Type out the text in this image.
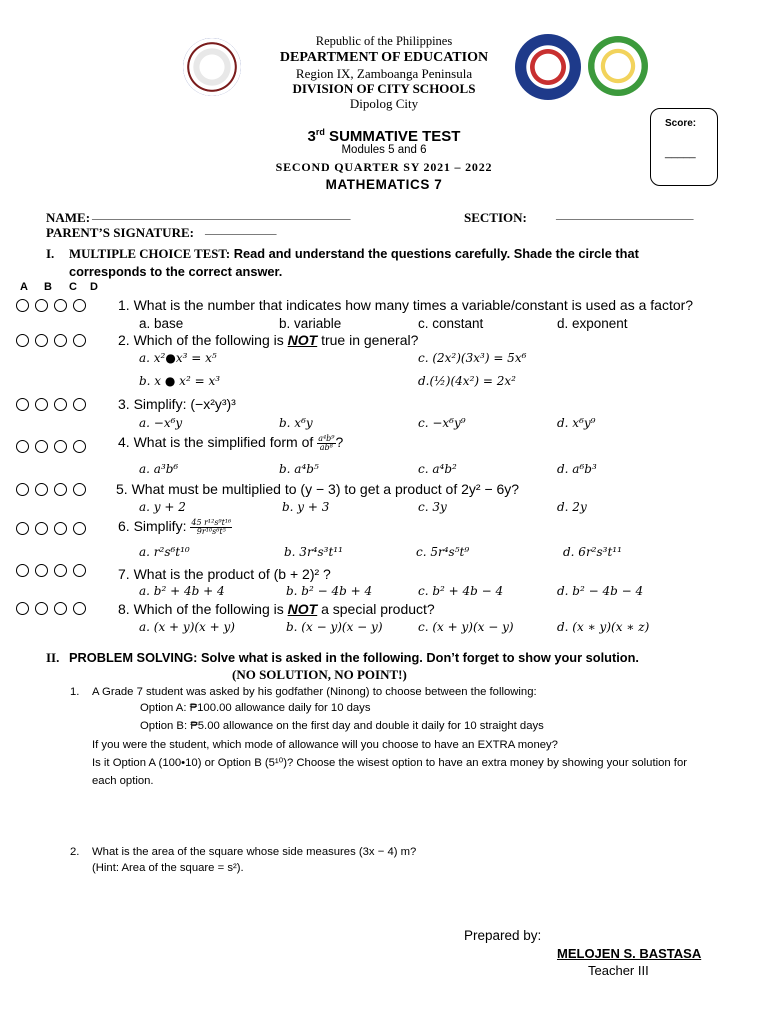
Republic of the Philippines
DEPARTMENT OF EDUCATION
Region IX, Zamboanga Peninsula
DIVISION OF CITY SCHOOLS
Dipolog City
3rd SUMMATIVE TEST
Modules 5 and 6
SECOND QUARTER SY 2021 – 2022
MATHEMATICS 7
Score:
_____
NAME: _______________________________________________	SECTION:	_________________________
PARENT’S SIGNATURE: _____________
I. MULTIPLE CHOICE TEST: Read and understand the questions carefully. Shade the circle that
corresponds to the correct answer.
A B C D
1. What is the number that indicates how many times a variable/constant is used as a factor?
a. base	b. variable	c. constant	d. exponent
2. Which of the following is NOT true in general?
a. x²●x³ = x⁵	c. (2x²)(3x³) = 5x⁶
b. x ● x² = x³	d.(½)(4x²) = 2x²
3. Simplify: (−x²y³)³
a. −x⁶y	b. x⁶y	c. −x⁶y⁹	d. x⁶y⁹
4. What is the simplified form of $\frac{\text{a⁴b⁹}}{\text{ab⁸}}$ ?
a. a³b⁶	b. a⁴b⁵	c. a⁴b²	d. a⁶b³
5. What must be multiplied to (y − 3) to get a product of 2y² − 6y?
a. y + 2	b. y + 3	c. 3y	d. 2y
6. Simplify: $\frac{\text{45 r¹²s⁹t¹⁶}}{\text{9r¹⁰s⁶t⁵}}$
a. r²s⁶t¹⁰	b. 3r⁴s³t¹¹	c. 5r⁴s⁵t⁹	d. 6r²s³t¹¹
7. What is the product of (b + 2)² ?
a. b² + 4b + 4	b. b² − 4b + 4	c. b² + 4b − 4	d. b² − 4b − 4
8. Which of the following is NOT a special product?
a. (x + y)(x + y)	b. (x − y)(x − y)	c. (x + y)(x − y)	d. (x ∗ y)(x ∗ z)
II. PROBLEM SOLVING: Solve what is asked in the following. Don’t forget to show your solution.
(NO SOLUTION, NO POINT!)
1. A Grade 7 student was asked by his godfather (Ninong) to choose between the following:
Option A: ₱100.00 allowance daily for 10 days
Option B: ₱5.00 allowance on the first day and double it daily for 10 straight days
If you were the student, which mode of allowance will you choose to have an EXTRA money?
Is it Option A (100•10) or Option B (5¹⁰)? Choose the wisest option to have an extra money by showing your solution for
each option.
2. What is the area of the square whose side measures (3x − 4) m?
(Hint: Area of the square = s²).
Prepared by:
MELOJEN S. BASTASA
Teacher III
